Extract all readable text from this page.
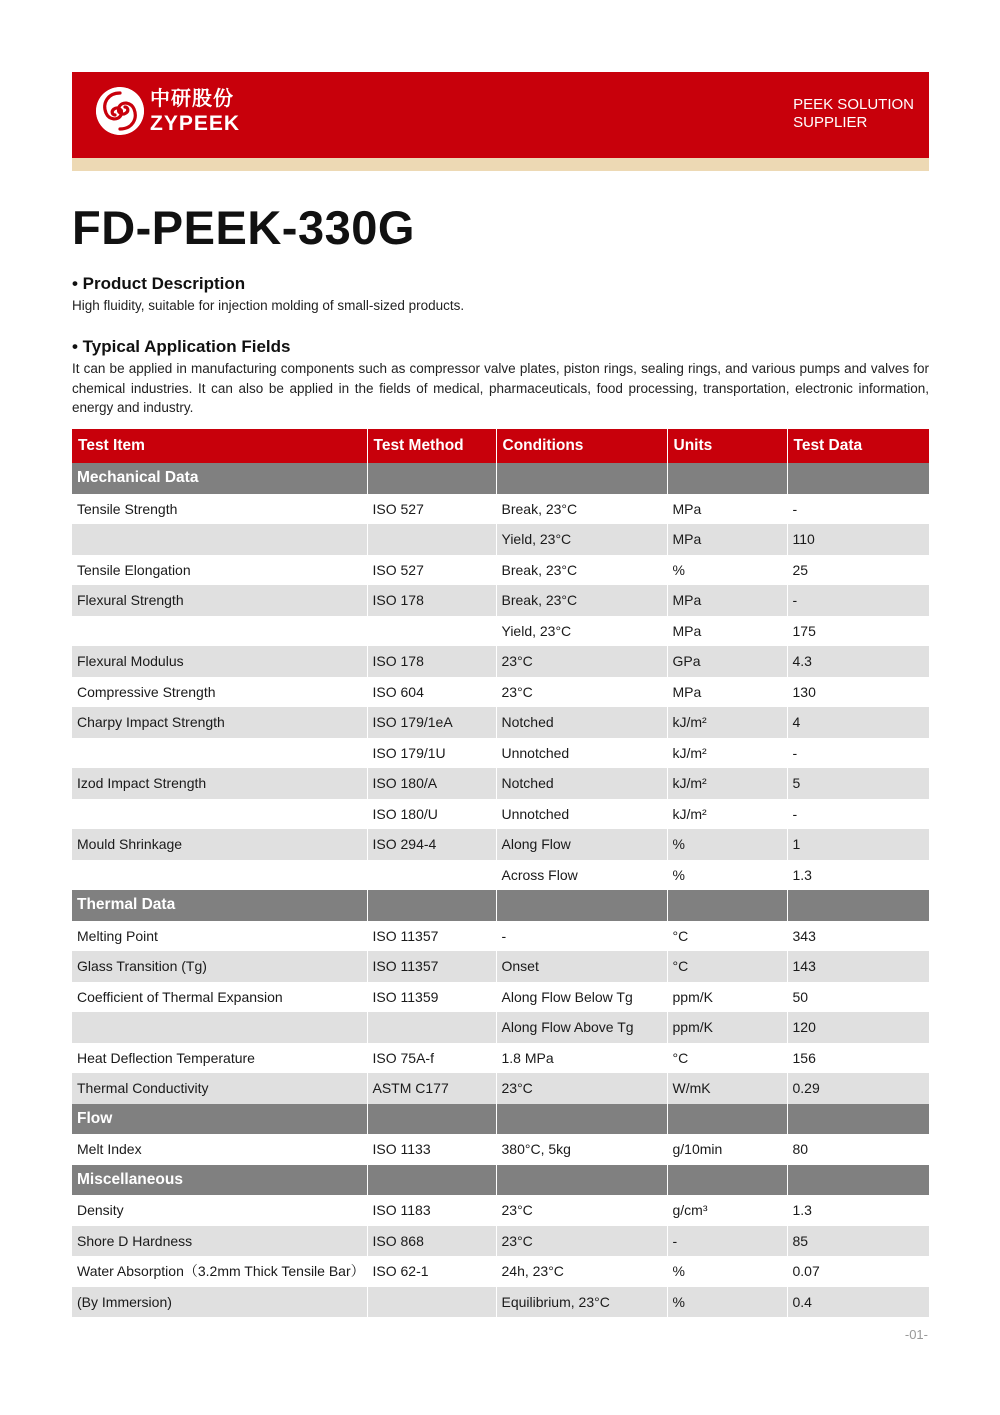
中研股份
ZYPEEK
PEEK SOLUTION
SUPPLIER
FD-PEEK-330G
• Product Description
High fluidity, suitable for injection molding of small-sized products.
• Typical Application Fields
It can be applied in manufacturing components such as compressor valve plates, piston rings, sealing rings, and various pumps and valves for chemical industries. It can also be applied in the fields of medical, pharmaceuticals, food processing, transportation, electronic information, energy and industry.
Test Item	Test Method	Conditions	Units	Test Data
Mechanical Data				
Tensile Strength	ISO 527	Break, 23°C	MPa	-
		Yield, 23°C	MPa	110
Tensile Elongation	ISO 527	Break, 23°C	%	25
Flexural Strength	ISO 178	Break, 23°C	MPa	-
		Yield, 23°C	MPa	175
Flexural Modulus	ISO 178	23°C	GPa	4.3
Compressive Strength	ISO 604	23°C	MPa	130
Charpy Impact Strength	ISO 179/1eA	Notched	kJ/m²	4
	ISO 179/1U	Unnotched	kJ/m²	-
Izod Impact Strength	ISO 180/A	Notched	kJ/m²	5
	ISO 180/U	Unnotched	kJ/m²	-
Mould Shrinkage	ISO 294-4	Along Flow	%	1
		Across Flow	%	1.3
Thermal Data				
Melting Point	ISO 11357	-	°C	343
Glass Transition (Tg)	ISO 11357	Onset	°C	143
Coefficient of Thermal Expansion	ISO 11359	Along Flow Below Tg	ppm/K	50
		Along Flow Above Tg	ppm/K	120
Heat Deflection Temperature	ISO 75A-f	1.8 MPa	°C	156
Thermal Conductivity	ASTM C177	23°C	W/mK	0.29
Flow				
Melt Index	ISO 1133	380°C, 5kg	g/10min	80
Miscellaneous				
Density	ISO 1183	23°C	g/cm³	1.3
Shore D Hardness	ISO 868	23°C	-	85
Water Absorption（3.2mm Thick Tensile Bar）	ISO 62-1	24h, 23°C	%	0.07
(By Immersion)		Equilibrium, 23°C	%	0.4
-01-
